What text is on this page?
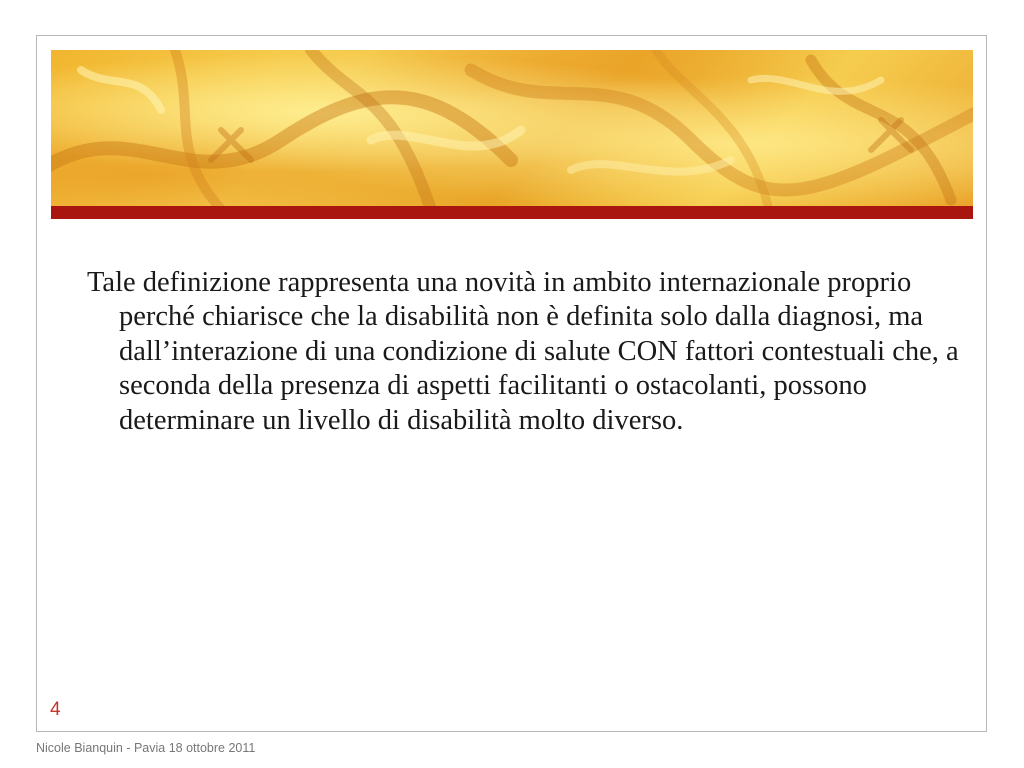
Tale definizione rappresenta una novità in ambito internazionale proprio perché chiarisce che la disabilità non è definita solo dalla diagnosi, ma dall’interazione di una condizione di salute CON fattori contestuali che, a seconda della presenza di aspetti facilitanti o ostacolanti, possono determinare un livello di disabilità molto diverso.

4
Nicole Bianquin - Pavia 18 ottobre 2011
